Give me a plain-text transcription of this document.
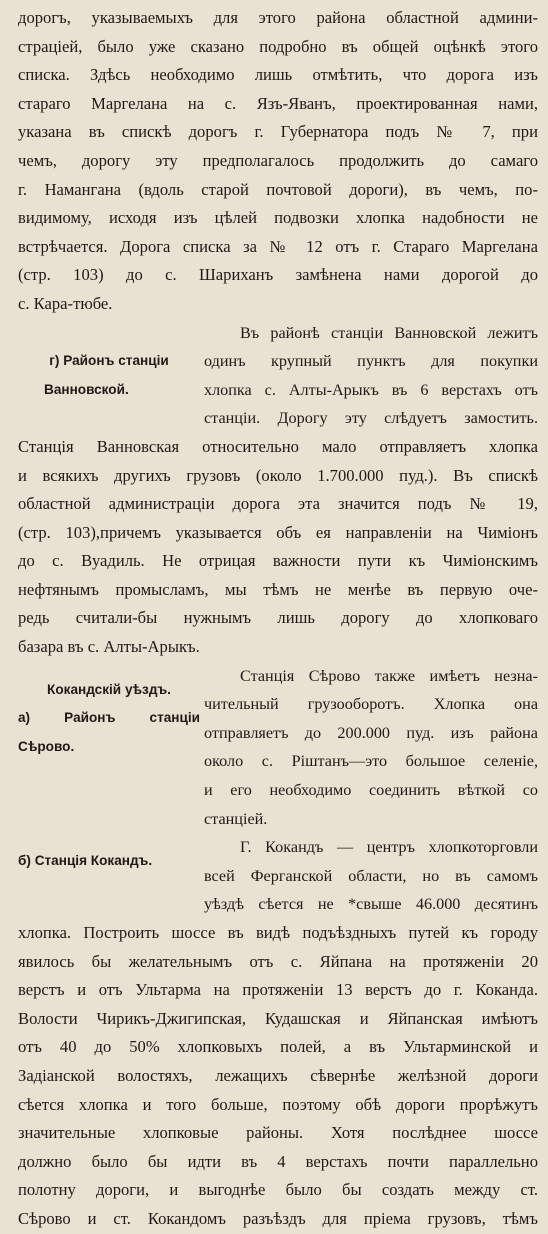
дорогъ, указываемыхъ для этого района областной админи-
страцiей, было уже сказано подробно въ общей оцѣнкѣ этого
списка. Здѣсь необходимо лишь отмѣтить, что дорога изъ
стараго Маргелана на с. Язъ-Яванъ, проектированная нами,
указана въ спискѣ дорогъ г. Губернатора подъ № 7, при
чемъ, дорогу эту предполагалось продолжить до самаго
г. Намангана (вдоль старой почтовой дороги), въ чемъ, по-
видимому, исходя изъ цѣлей подвозки хлопка надобности не
встрѣчается. Дорога списка за № 12 отъ г. Стараго Маргелана
(стр. 103) до с. Шариханъ замѣнена нами дорогой до
с. Кара-тюбе.
г) Районъ станцiи
Ванновской.
Въ районѣ станцiи Ванновской лежитъ
одинъ крупный пунктъ для покупки
хлопка с. Алты-Арыкъ въ 6 верстахъ отъ
станцiи. Дорогу эту слѣдуетъ замостить.
Станцiя Ванновская относительно мало отправляетъ хлопка
и всякихъ другихъ грузовъ (около 1.700.000 пуд.). Въ спискѣ
областной администрацiи дорога эта значится подъ № 19,
(стр. 103),причемъ указывается объ ея направленiи на Чимiонъ
до с. Вуадиль. Не отрицая важности пути къ Чимiонскимъ
нефтянымъ промысламъ, мы тѣмъ не менѣе въ первую оче-
редь считали-бы нужнымъ лишь дорогу до хлопковаго
базара въ с. Алты-Арыкъ.
Кокандскiй уѣздъ.
а) Районъ станцiи
Сѣрово.
Станцiя Сѣрово также имѣетъ незна-
чительный грузооборотъ. Хлопка она
отправляетъ до 200.000 пуд. изъ района
около с. Рiштанъ—это большое селенiе,
и его необходимо соединить вѣткой со
станцiей.
б) Станцiя Кокандъ.
Г. Кокандъ — центръ хлопкоторговли
всей Ферганской области, но въ самомъ
уѣздѣ сѣется не *свыше 46.000 десятинъ
хлопка. Построить шоссе въ видѣ подъѣздныхъ путей къ городу
явилось бы желательнымъ отъ с. Яйпана на протяженiи 20
верстъ и отъ Ультарма на протяженiи 13 верстъ до г. Коканда.
Волости Чирикъ-Джигипская, Кудашская и Яйпанская имѣютъ
отъ 40 до 50% хлопковыхъ полей, а въ Ультарминской и
Задiанской волостяхъ, лежащихъ сѣвернѣе желѣзной дороги
сѣется хлопка и того больше, поэтому обѣ дороги прорѣжутъ
значительные хлопковые районы. Хотя послѣднее шоссе
должно было бы идти въ 4 верстахъ почти параллельно
полотну дороги, и выгоднѣе было бы создать между ст.
Сѣрово и ст. Кокандомъ разъѣздъ для прiема грузовъ, тѣмъ
